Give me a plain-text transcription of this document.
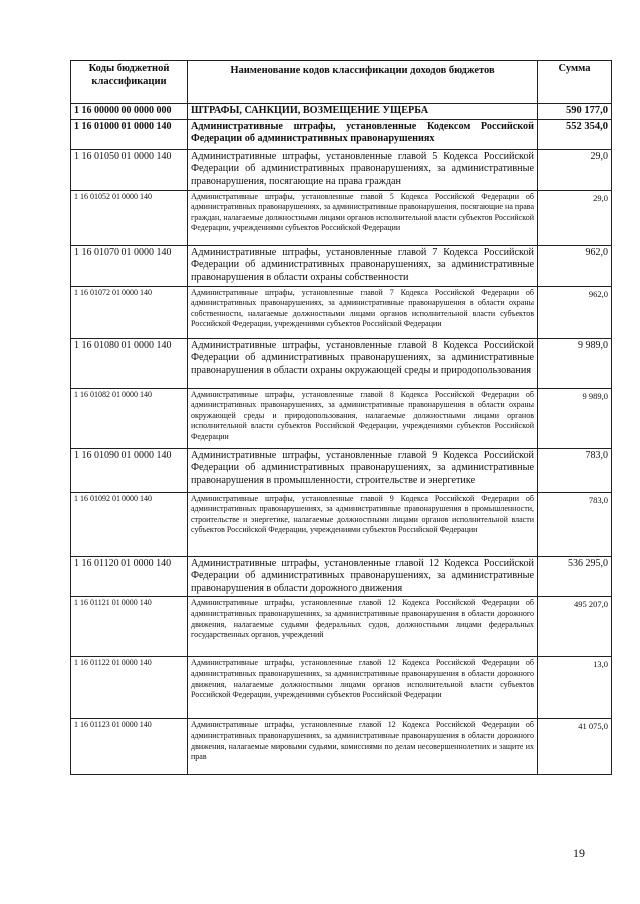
Коды бюджетной классификации	Наименование кодов классификации доходов бюджетов	Сумма
1 16 00000 00 0000 000	ШТРАФЫ, САНКЦИИ, ВОЗМЕЩЕНИЕ УЩЕРБА	590 177,0
1 16 01000 01 0000 140	Административные штрафы, установленные Кодексом Российской Федерации об административных правонарушениях	552 354,0
1 16 01050 01 0000 140	Административные штрафы, установленные главой 5 Кодекса Российской Федерации об административных правонарушениях, за административные правонарушения, посягающие на права граждан	29,0
1 16 01052 01 0000 140	Административные штрафы, установленные главой 5 Кодекса Российской Федерации об административных правонарушениях, за административные правонарушения, посягающие на права граждан, налагаемые должностными лицами органов исполнительной власти субъектов Российской Федерации, учреждениями субъектов Российской Федерации	29,0
1 16 01070 01 0000 140	Административные штрафы, установленные главой 7 Кодекса Российской Федерации об административных правонарушениях, за административные правонарушения в области охраны собственности	962,0
1 16 01072 01 0000 140	Административные штрафы, установленные главой 7 Кодекса Российской Федерации об административных правонарушениях, за административные правонарушения в области охраны собственности, налагаемые должностными лицами органов исполнительной власти субъектов Российской Федерации, учреждениями субъектов Российской Федерации	962,0
1 16 01080 01 0000 140	Административные штрафы, установленные главой 8 Кодекса Российской Федерации об административных правонарушениях, за административные правонарушения в области охраны окружающей среды и природопользования	9 989,0
1 16 01082 01 0000 140	Административные штрафы, установленные главой 8 Кодекса Российской Федерации об административных правонарушениях, за административные правонарушения в области охраны окружающей среды и природопользования, налагаемые должностными лицами органов исполнительной власти субъектов Российской Федерации, учреждениями субъектов Российской Федерации	9 989,0
1 16 01090 01 0000 140	Административные штрафы, установленные главой 9 Кодекса Российской Федерации об административных правонарушениях, за административные правонарушения в промышленности, строительстве и энергетике	783,0
1 16 01092 01 0000 140	Административные штрафы, установленные главой 9 Кодекса Российской Федерации об административных правонарушениях, за административные правонарушения в промышленности, строительстве и энергетике, налагаемые должностными лицами органов исполнительной власти субъектов Российской Федерации, учреждениями субъектов Российской Федерации	783,0
1 16 01120 01 0000 140	Административные штрафы, установленные главой 12 Кодекса Российской Федерации об административных правонарушениях, за административные правонарушения в области дорожного движения	536 295,0
1 16 01121 01 0000 140	Административные штрафы, установленные главой 12 Кодекса Российской Федерации об административных правонарушениях, за административные правонарушения в области дорожного движения, налагаемые судьями федеральных судов, должностными лицами федеральных государственных органов, учреждений	495 207,0
1 16 01122 01 0000 140	Административные штрафы, установленные главой 12 Кодекса Российской Федерации об административных правонарушениях, за административные правонарушения в области дорожного движения, налагаемые должностными лицами органов исполнительной власти субъектов Российской Федерации, учреждениями субъектов Российской Федерации	13,0
1 16 01123 01 0000 140	Административные штрафы, установленные главой 12 Кодекса Российской Федерации об административных правонарушениях, за административные правонарушения в области дорожного движения, налагаемые мировыми судьями, комиссиями по делам несовершеннолетних и защите их прав	41 075,0
19
